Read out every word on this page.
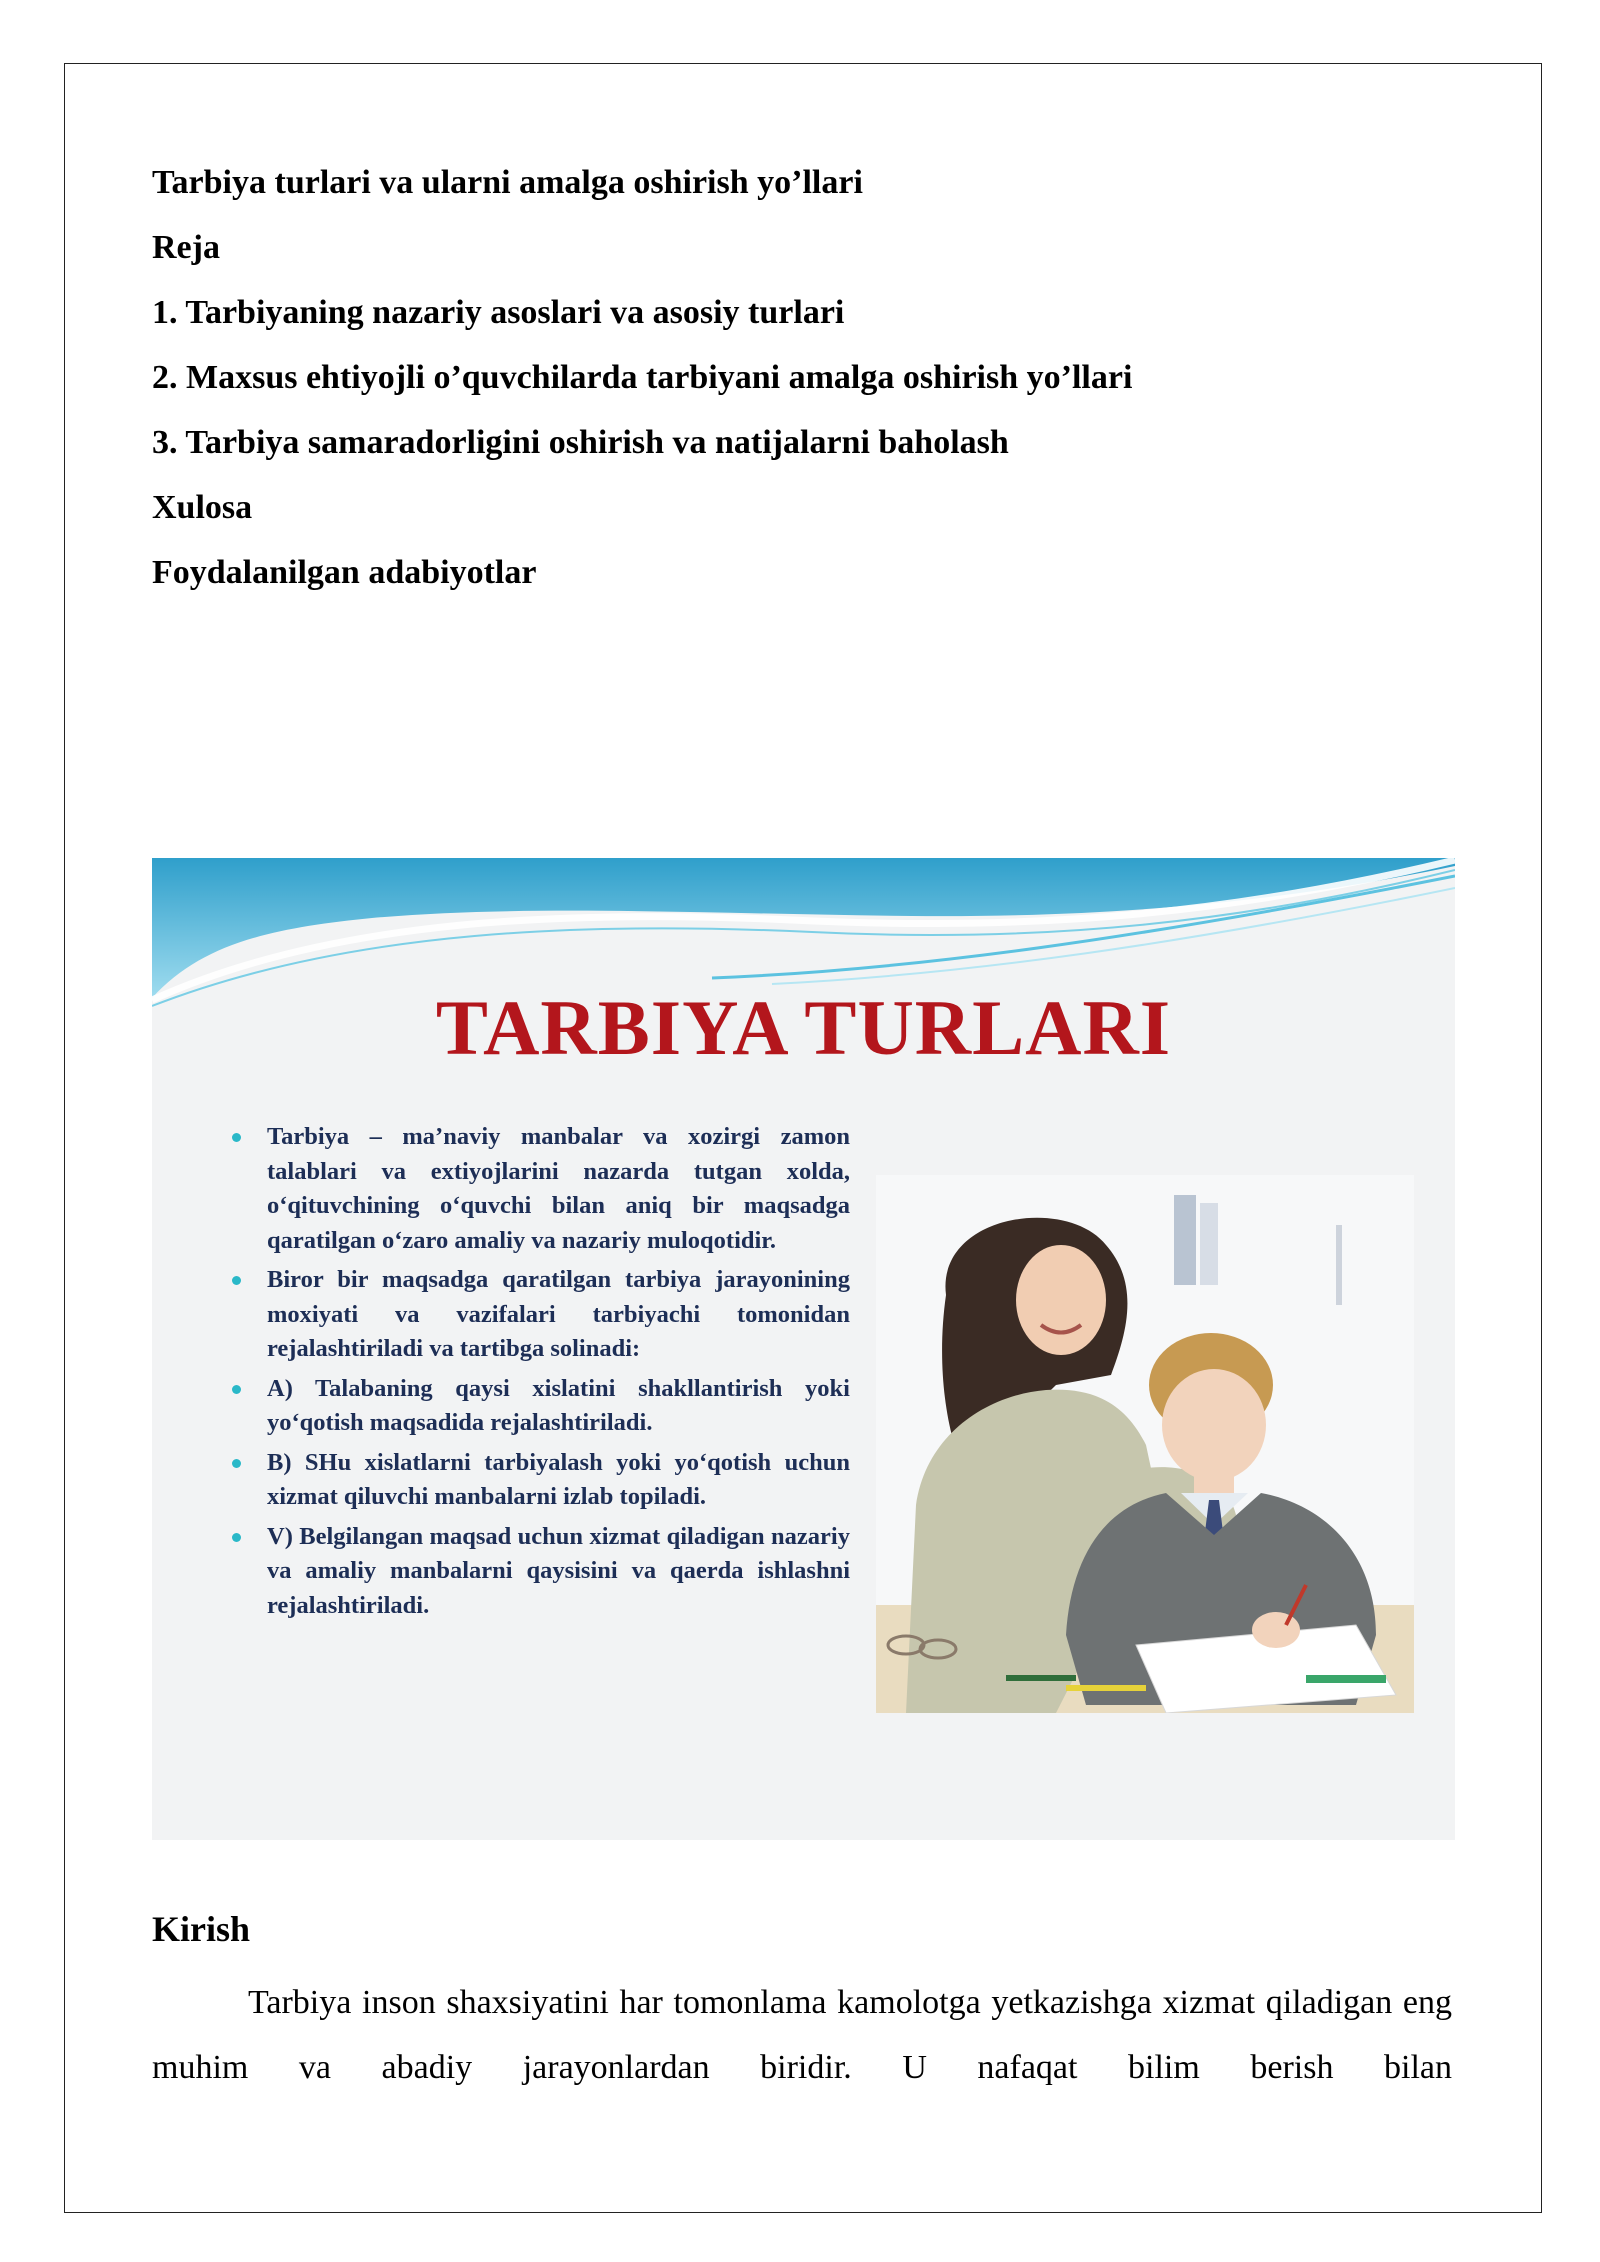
Tarbiya turlari va ularni amalga oshirish yo’llari
Reja
1. Tarbiyaning nazariy asoslari va asosiy turlari
2. Maxsus ehtiyojli o’quvchilarda tarbiyani amalga oshirish yo’llari
3. Tarbiya samaradorligini oshirish va natijalarni baholash
Xulosa
Foydalanilgan adabiyotlar
TARBIYA TURLARI
Tarbiya – ma’naviy manbalar va xozirgi zamon talablari va extiyojlarini nazarda tutgan xolda, o‘qituvchining o‘quvchi bilan aniq bir maqsadga qaratilgan o‘zaro amaliy va nazariy muloqotidir.
Biror bir maqsadga qaratilgan tarbiya jarayonining moxiyati va vazifalari tarbiyachi tomonidan rejalashtiriladi va tartibga solinadi:
A) Talabaning qaysi xislatini shakllantirish yoki yo‘qotish maqsadida rejalashtiriladi.
B) SHu xislatlarni tarbiyalash yoki yo‘qotish uchun xizmat qiluvchi manbalarni izlab topiladi.
V) Belgilangan maqsad uchun xizmat qiladigan nazariy va amaliy manbalarni qaysisini va qaerda ishlashni rejalashtiriladi.
Kirish
Tarbiya inson shaxsiyatini har tomonlama kamolotga yetkazishga xizmat qiladigan eng muhim va abadiy jarayonlardan biridir. U nafaqat bilim berish bilan
